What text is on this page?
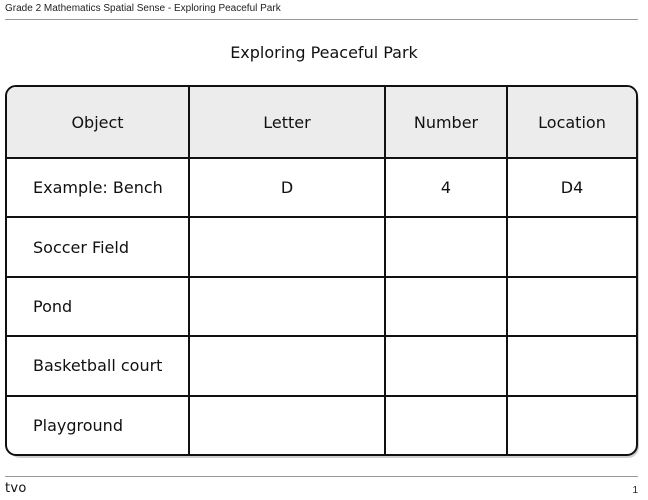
Grade 2 Mathematics Spatial Sense - Exploring Peaceful Park
Exploring Peaceful Park
Object	Letter	Number	Location
Example: Bench	D	4	D4
Soccer Field			
Pond			
Basketball court			
Playground			
tvo	1
